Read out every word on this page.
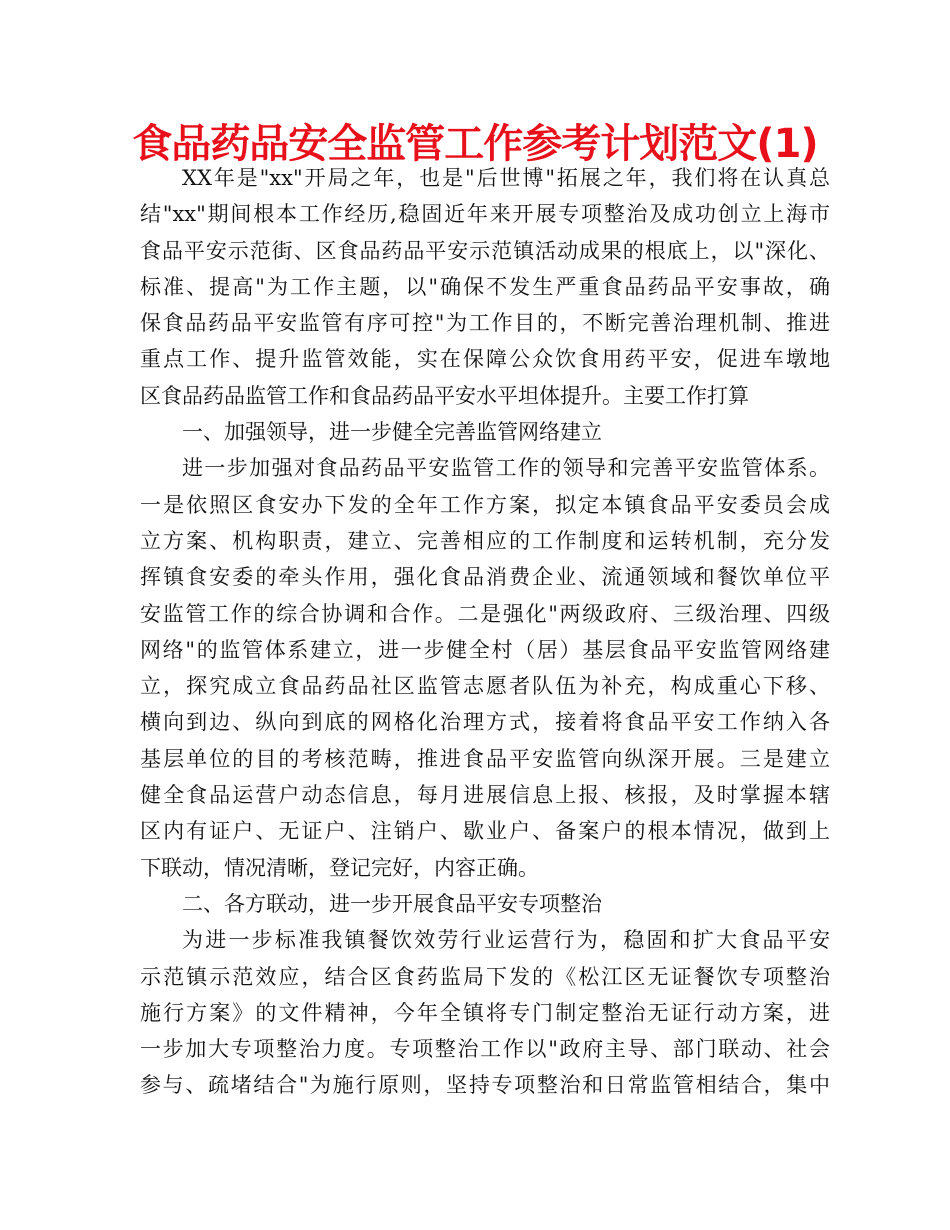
食品药品安全监管工作参考计划范文(1)
XX年是"xx"开局之年，也是"后世博"拓展之年，我们将在认真总
结"xx"期间根本工作经历,稳固近年来开展专项整治及成功创立上海市
食品平安示范街、区食品药品平安示范镇活动成果的根底上，以"深化、
标准、提高"为工作主题，以"确保不发生严重食品药品平安事故，确
保食品药品平安监管有序可控"为工作目的，不断完善治理机制、推进
重点工作、提升监管效能，实在保障公众饮食用药平安，促进车墩地
区食品药品监管工作和食品药品平安水平坦体提升。主要工作打算
一、加强领导，进一步健全完善监管网络建立
进一步加强对食品药品平安监管工作的领导和完善平安监管体系。
一是依照区食安办下发的全年工作方案，拟定本镇食品平安委员会成
立方案、机构职责，建立、完善相应的工作制度和运转机制，充分发
挥镇食安委的牵头作用，强化食品消费企业、流通领域和餐饮单位平
安监管工作的综合协调和合作。二是强化"两级政府、三级治理、四级
网络"的监管体系建立，进一步健全村（居）基层食品平安监管网络建
立，探究成立食品药品社区监管志愿者队伍为补充，构成重心下移、
横向到边、纵向到底的网格化治理方式，接着将食品平安工作纳入各
基层单位的目的考核范畴，推进食品平安监管向纵深开展。三是建立
健全食品运营户动态信息，每月进展信息上报、核报，及时掌握本辖
区内有证户、无证户、注销户、歇业户、备案户的根本情况，做到上
下联动，情况清晰，登记完好，内容正确。
二、各方联动，进一步开展食品平安专项整治
为进一步标准我镇餐饮效劳行业运营行为，稳固和扩大食品平安
示范镇示范效应，结合区食药监局下发的《松江区无证餐饮专项整治
施行方案》的文件精神，今年全镇将专门制定整治无证行动方案，进
一步加大专项整治力度。专项整治工作以"政府主导、部门联动、社会
参与、疏堵结合"为施行原则，坚持专项整治和日常监管相结合，集中
